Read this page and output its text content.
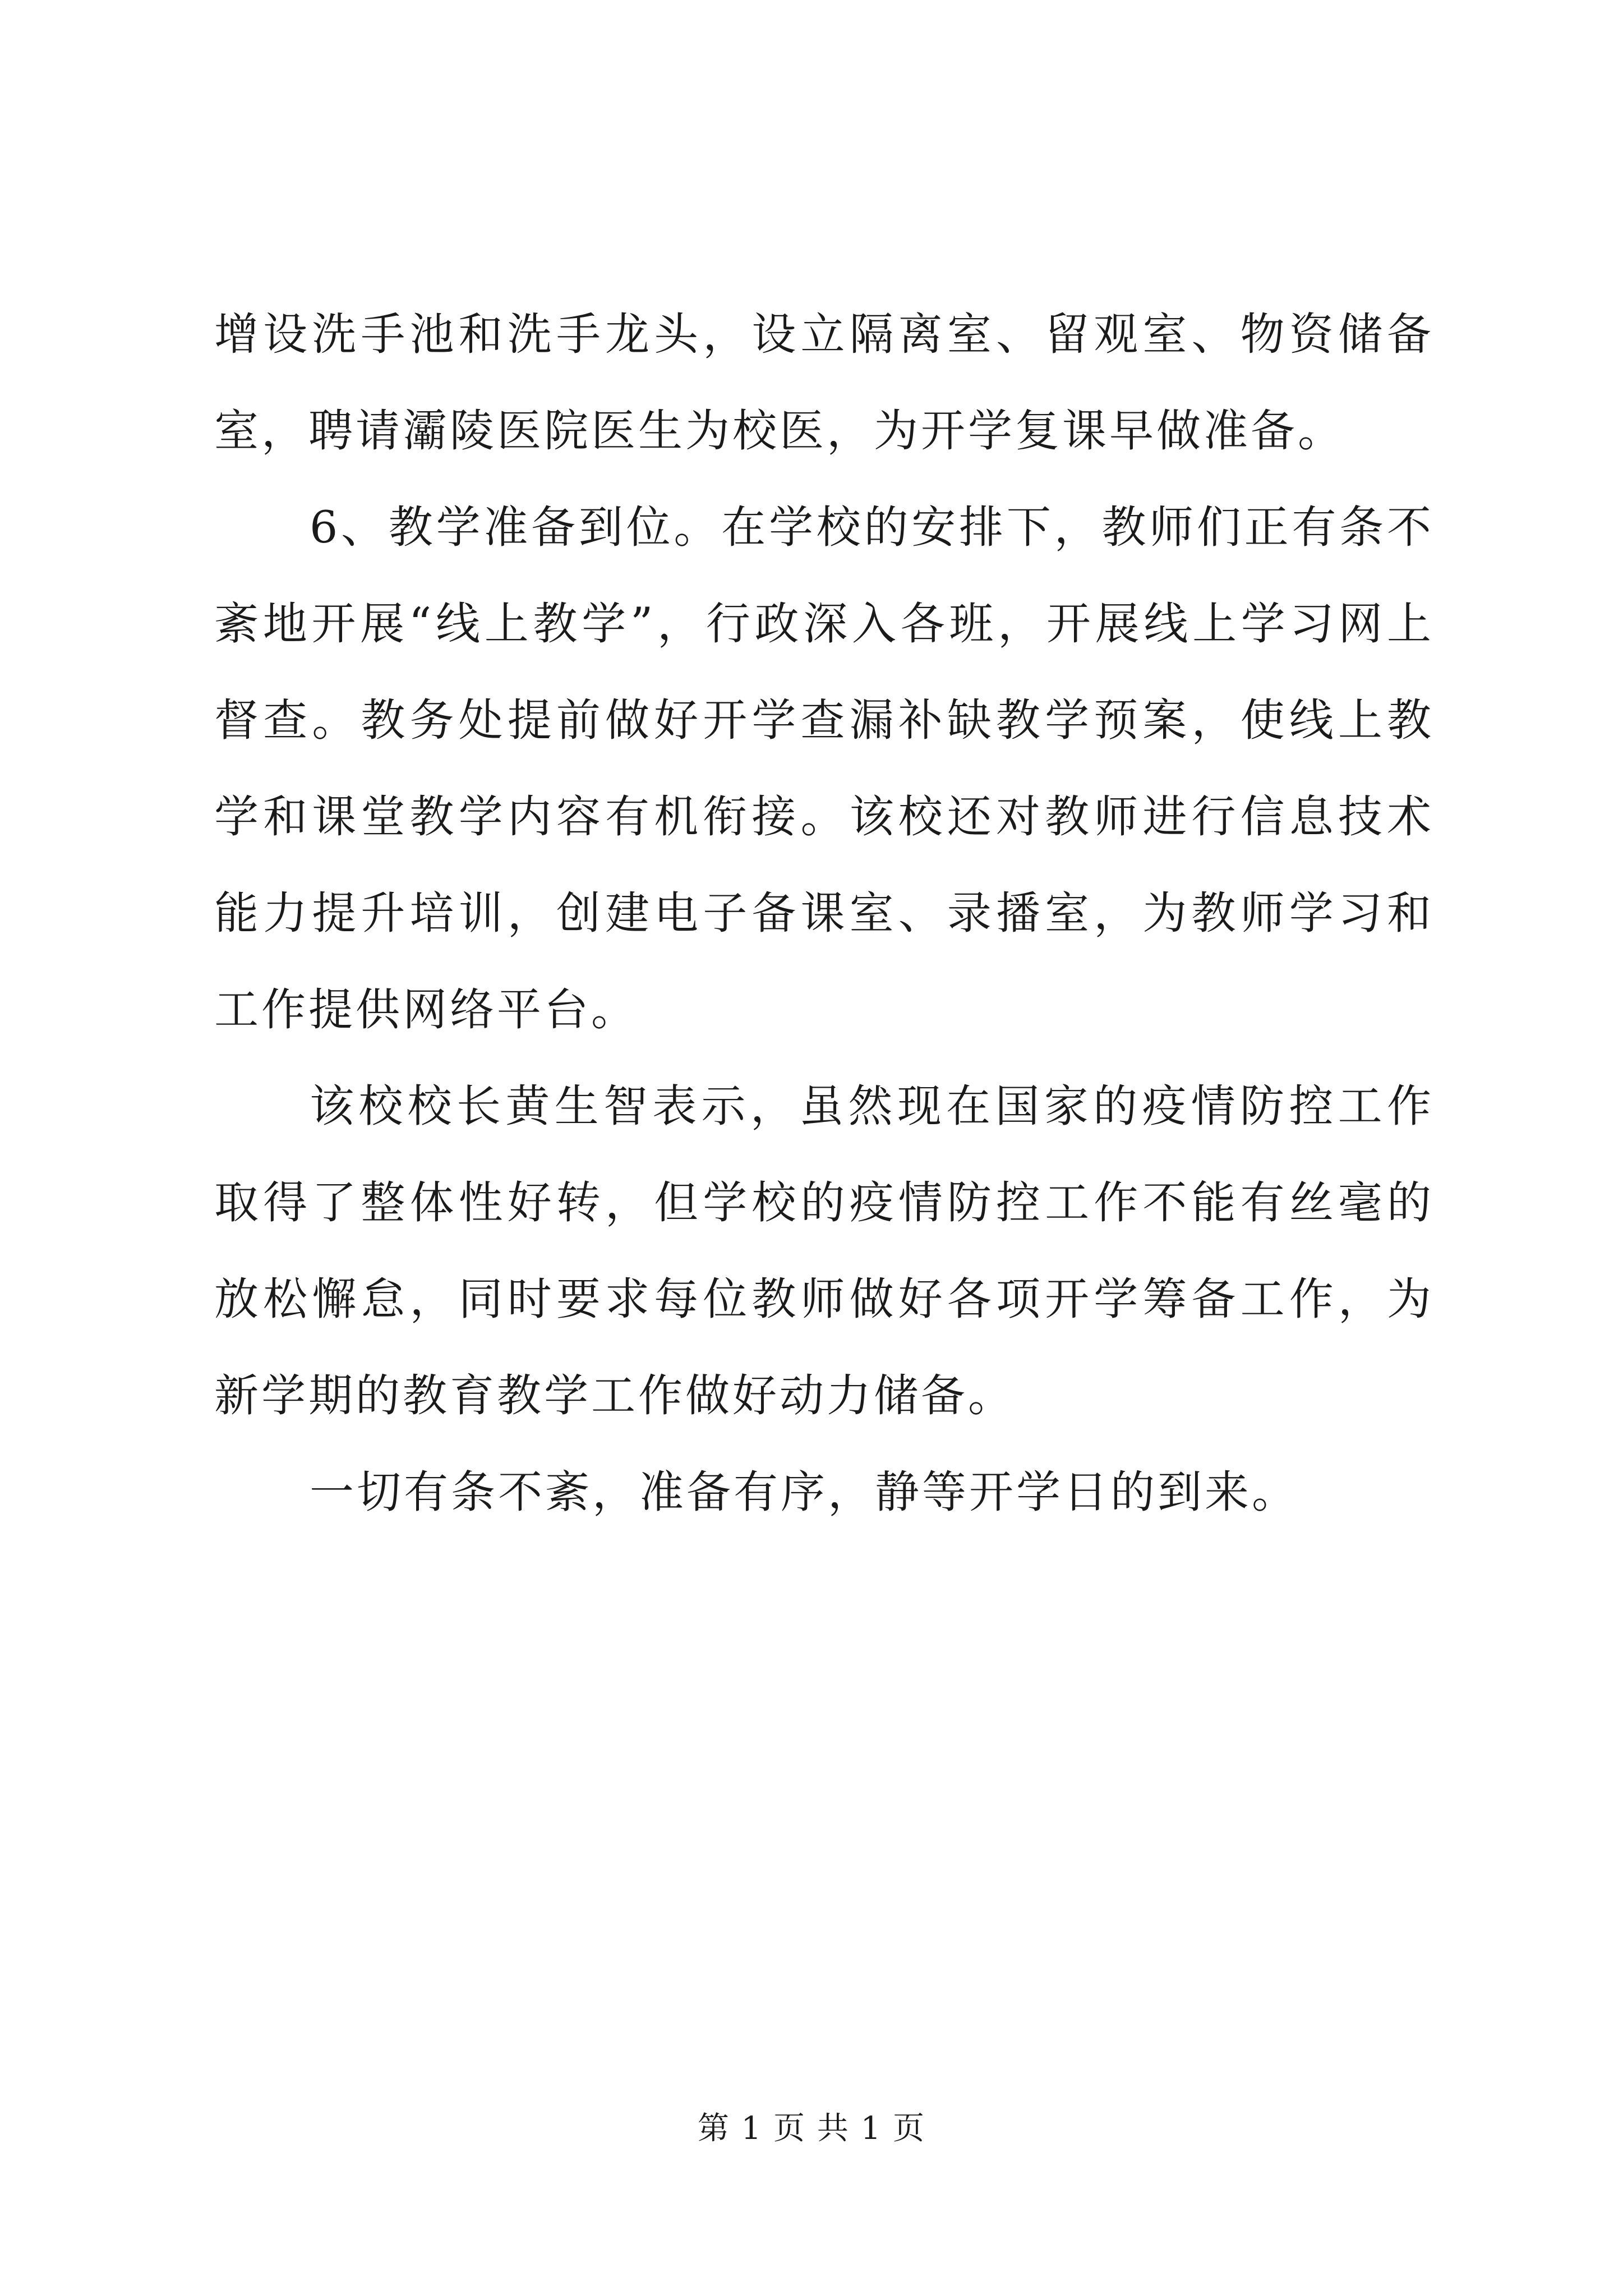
增设洗手池和洗手龙头，设立隔离室、留观室、物资储备室，聘请灞陵医院医生为校医，为开学复课早做准备。

6、教学准备到位。在学校的安排下，教师们正有条不紊地开展“线上教学”，行政深入各班，开展线上学习网上督查。教务处提前做好开学查漏补缺教学预案，使线上教学和课堂教学内容有机衔接。该校还对教师进行信息技术能力提升培训，创建电子备课室、录播室，为教师学习和工作提供网络平台。

该校校长黄生智表示，虽然现在国家的疫情防控工作取得了整体性好转，但学校的疫情防控工作不能有丝毫的放松懈怠，同时要求每位教师做好各项开学筹备工作，为新学期的教育教学工作做好动力储备。

一切有条不紊，准备有序，静等开学日的到来。

第 1 页 共 1 页
